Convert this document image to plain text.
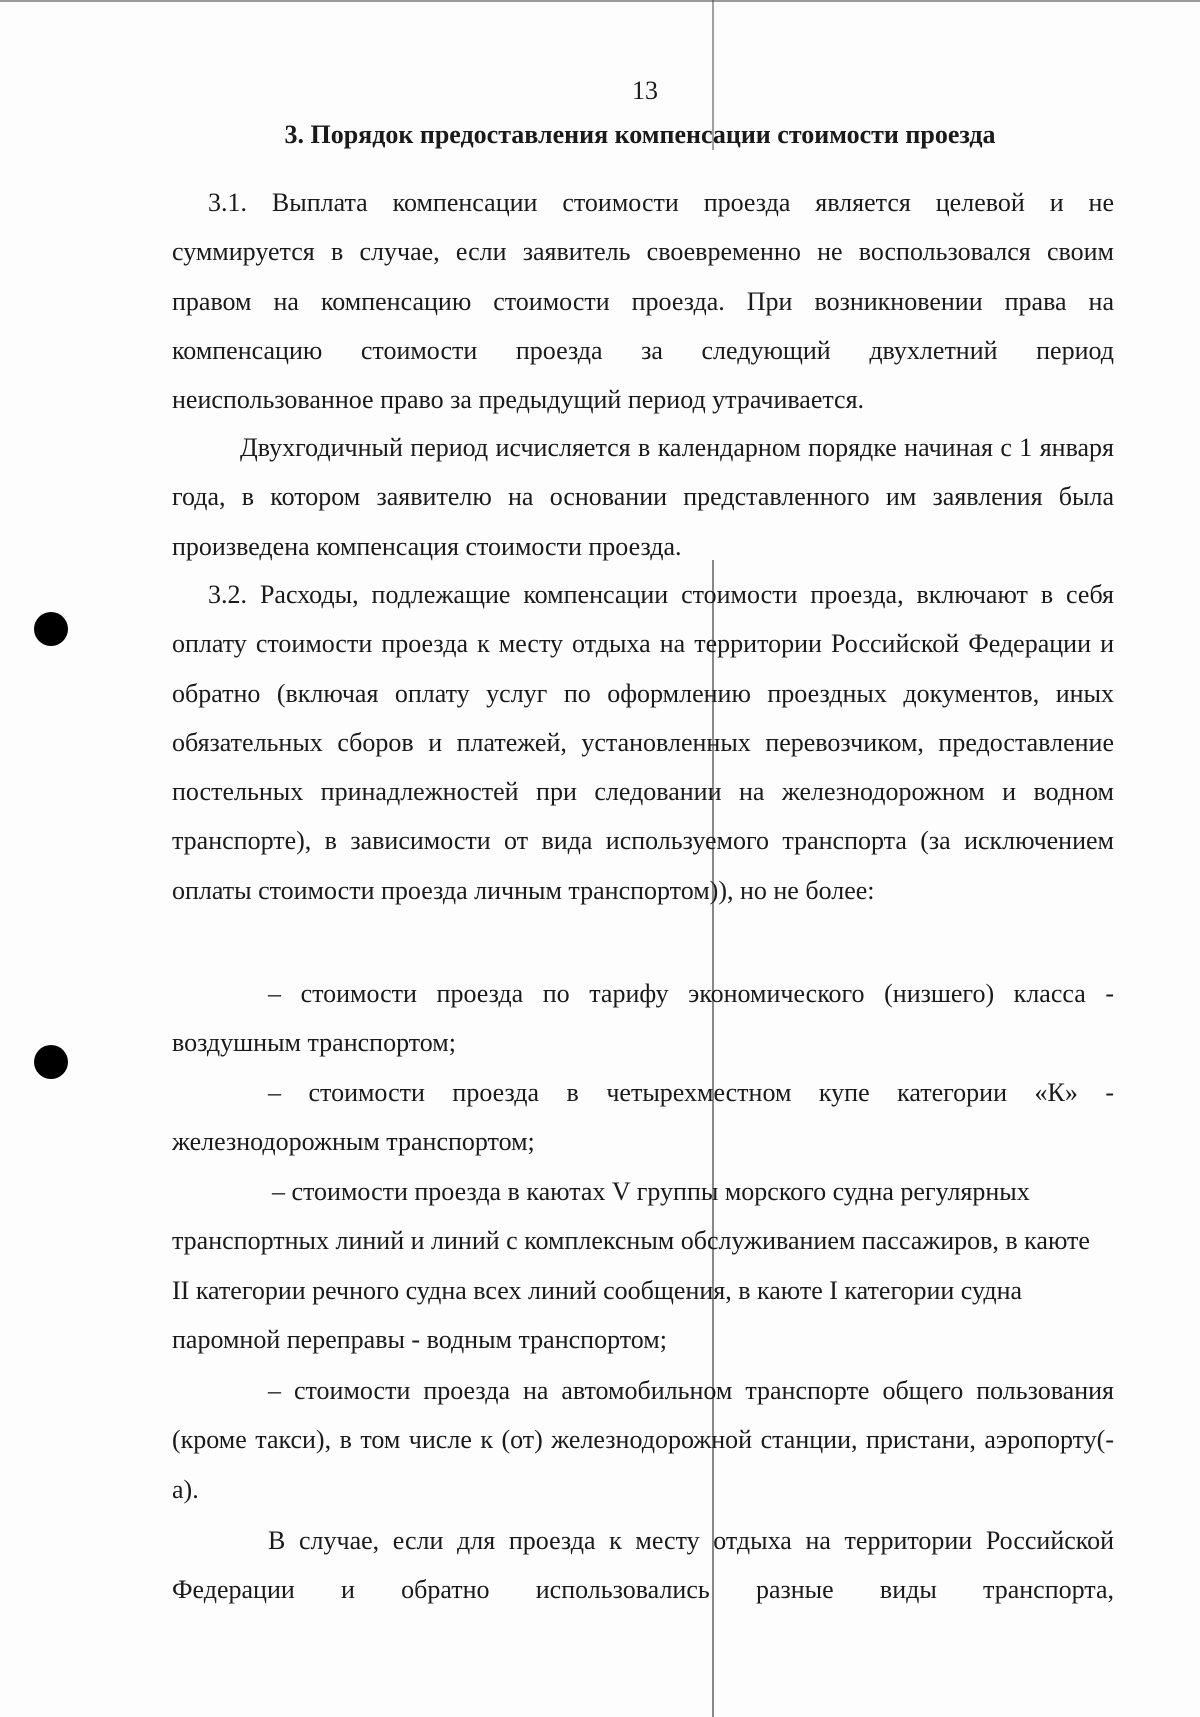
13
3. Порядок предоставления компенсации стоимости проезда

3.1. Выплата компенсации стоимости проезда является целевой и не суммируется в случае, если заявитель своевременно не воспользовался своим правом на компенсацию стоимости проезда. При возникновении права на компенсацию стоимости проезда за следующий двухлетний период неиспользованное право за предыдущий период утрачивается.

Двухгодичный период исчисляется в календарном порядке начиная с 1 января года, в котором заявителю на основании представленного им заявления была произведена компенсация стоимости проезда.

3.2. Расходы, подлежащие компенсации стоимости проезда, включают в себя оплату стоимости проезда к месту отдыха на территории Российской Федерации и обратно (включая оплату услуг по оформлению проездных документов, иных обязательных сборов и платежей, установленных перевозчиком, предоставление постельных принадлежностей при следовании на железнодорожном и водном транспорте), в зависимости от вида используемого транспорта (за исключением оплаты стоимости проезда личным транспортом)), но не более:

– стоимости проезда по тарифу экономического (низшего) класса - воздушным транспортом;

– стоимости проезда в четырехместном купе категории «К» - железнодорожным транспортом;

– стоимости проезда в каютах V группы морского судна регулярных транспортных линий и линий с комплексным обслуживанием пассажиров, в каюте II категории речного судна всех линий сообщения, в каюте I категории судна паромной переправы - водным транспортом;

– стоимости проезда на автомобильном транспорте общего пользования (кроме такси), в том числе к (от) железнодорожной станции, пристани, аэропорту(-а).

В случае, если для проезда к месту отдыха на территории Российской Федерации и обратно использовались разные виды транспорта,
